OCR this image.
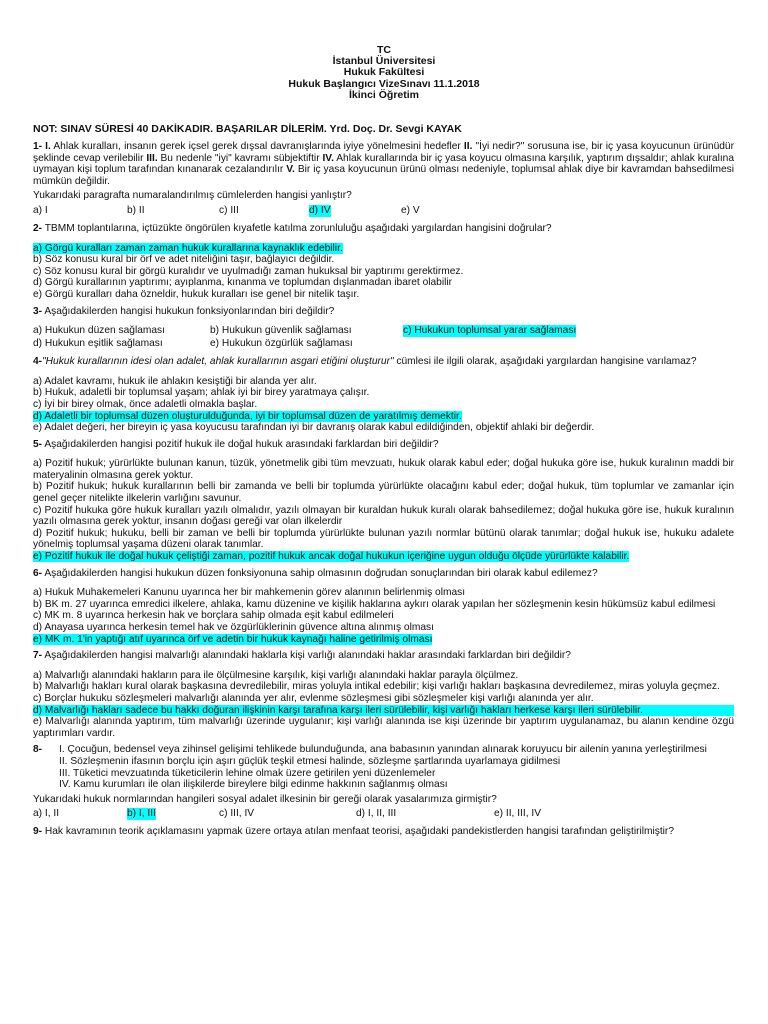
TC
İstanbul Üniversitesi
Hukuk Fakültesi
Hukuk Başlangıcı VizeSınavı 11.1.2018
İkinci Öğretim
NOT: SINAV SÜRESİ 40 DAKİKADIR. BAŞARILAR DİLERİM. Yrd. Doç. Dr. Sevgi KAYAK
1- I. Ahlak kuralları, insanın gerek içsel gerek dışsal davranışlarında iyiye yönelmesini hedefler II. "İyi nedir?" sorusuna ise, bir iç yasa koyucunun ürünüdür şeklinde cevap verilebilir III. Bu nedenle "iyi" kavramı sübjektiftir IV. Ahlak kurallarında bir iç yasa koyucu olmasına karşılık, yaptırım dışsaldır; ahlak kuralına uymayan kişi toplum tarafından kınanarak cezalandırılır V. Bir iç yasa koyucunun ürünü olması nedeniyle, toplumsal ahlak diye bir kavramdan bahsedilmesi mümkün değildir.
Yukarıdaki paragrafta numaralandırılmış cümlelerden hangisi yanlıştır?
a) I	b) II	c) III	d) IV	e) V
2- TBMM toplantılarına, içtüzükte öngörülen kıyafetle katılma zorunluluğu aşağıdaki yargılardan hangisini doğrular?
a) Görgü kuralları zaman zaman hukuk kurallarına kaynaklık edebilir.
b) Söz konusu kural bir örf ve adet niteliğini taşır, bağlayıcı değildir.
c) Söz konusu kural bir görgü kuralıdır ve uyulmadığı zaman hukuksal bir yaptırımı gerektirmez.
d) Görgü kurallarının yaptırımı; ayıplanma, kınanma ve toplumdan dışlanmadan ibaret olabilir
e) Görgü kuralları daha özneldir, hukuk kuralları ise genel bir nitelik taşır.
3- Aşağıdakilerden hangisi hukukun fonksiyonlarından biri değildir?
a) Hukukun düzen sağlaması	b) Hukukun güvenlik sağlaması	c) Hukukun toplumsal yarar sağlaması
d) Hukukun eşitlik sağlaması	e) Hukukun özgürlük sağlaması
4-"Hukuk kurallarının idesi olan adalet, ahlak kurallarının asgari etiğini oluşturur" cümlesi ile ilgili olarak, aşağıdaki yargılardan hangisine varılamaz?
a) Adalet kavramı, hukuk ile ahlakın kesiştiği bir alanda yer alır.
b) Hukuk, adaletli bir toplumsal yaşam; ahlak iyi bir birey yaratmaya çalışır.
c) İyi bir birey olmak, önce adaletli olmakla başlar.
d) Adaletli bir toplumsal düzen oluşturulduğunda, iyi bir toplumsal düzen de yaratılmış demektir.
e) Adalet değeri, her bireyin iç yasa koyucusu tarafından iyi bir davranış olarak kabul edildiğinden, objektif ahlaki bir değerdir.
5- Aşağıdakilerden hangisi pozitif hukuk ile doğal hukuk arasındaki farklardan biri değildir?
a) Pozitif hukuk; yürürlükte bulunan kanun, tüzük, yönetmelik gibi tüm mevzuatı, hukuk olarak kabul eder; doğal hukuka göre ise, hukuk kuralının maddi bir materyalinin olmasına gerek yoktur.
b) Pozitif hukuk; hukuk kurallarının belli bir zamanda ve belli bir toplumda yürürlükte olacağını kabul eder; doğal hukuk, tüm toplumlar ve zamanlar için genel geçer nitelikte ilkelerin varlığını savunur.
c) Pozitif hukuka göre hukuk kuralları yazılı olmalıdır, yazılı olmayan bir kuraldan hukuk kuralı olarak bahsedilemez; doğal hukuka göre ise, hukuk kuralının yazılı olmasına gerek yoktur, insanın doğası gereği var olan ilkelerdir
d) Pozitif hukuk; hukuku, belli bir zaman ve belli bir toplumda yürürlükte bulunan yazılı normlar bütünü olarak tanımlar; doğal hukuk ise, hukuku adalete yönelmiş toplumsal yaşama düzeni olarak tanımlar.
e) Pozitif hukuk ile doğal hukuk çeliştiği zaman, pozitif hukuk ancak doğal hukukun içeriğine uygun olduğu ölçüde yürürlükte kalabilir.
6- Aşağıdakilerden hangisi hukukun düzen fonksiyonuna sahip olmasının doğrudan sonuçlarından biri olarak kabul edilemez?
a) Hukuk Muhakemeleri Kanunu uyarınca her bir mahkemenin görev alanının belirlenmiş olması
b) BK m. 27 uyarınca emredici ilkelere, ahlaka, kamu düzenine ve kişilik haklarına aykırı olarak yapılan her sözleşmenin kesin hükümsüz kabul edilmesi
c) MK m. 8 uyarınca herkesin hak ve borçlara sahip olmada eşit kabul edilmeleri
d) Anayasa uyarınca herkesin temel hak ve özgürlüklerinin güvence altına alınmış olması
e) MK m. 1'in yaptığı atıf uyarınca örf ve adetin bir hukuk kaynağı haline getirilmiş olması
7- Aşağıdakilerden hangisi malvarlığı alanındaki haklarla kişi varlığı alanındaki haklar arasındaki farklardan biri değildir?
a) Malvarlığı alanındaki hakların para ile ölçülmesine karşılık, kişi varlığı alanındaki haklar parayla ölçülmez.
b) Malvarlığı hakları kural olarak başkasına devredilebilir, miras yoluyla intikal edebilir; kişi varlığı hakları başkasına devredilemez, miras yoluyla geçmez.
c) Borçlar hukuku sözleşmeleri malvarlığı alanında yer alır, evlenme sözleşmesi gibi sözleşmeler kişi varlığı alanında yer alır.
d) Malvarlığı hakları sadece bu hakkı doğuran ilişkinin karşı tarafına karşı ileri sürülebilir, kişi varlığı hakları herkese karşı ileri sürülebilir.
e) Malvarlığı alanında yaptırım, tüm malvarlığı üzerinde uygulanır; kişi varlığı alanında ise kişi üzerinde bir yaptırım uygulanamaz, bu alanın kendine özgü yaptırımları vardır.
8-	I. Çocuğun, bedensel veya zihinsel gelişimi tehlikede bulunduğunda, ana babasının yanından alınarak koruyucu bir ailenin yanına yerleştirilmesi
II. Sözleşmenin ifasının borçlu için aşırı güçlük teşkil etmesi halinde, sözleşme şartlarında uyarlamaya gidilmesi
III. Tüketici mevzuatında tüketicilerin lehine olmak üzere getirilen yeni düzenlemeler
IV. Kamu kurumları ile olan ilişkilerde bireylere bilgi edinme hakkının sağlanmış olması
Yukarıdaki hukuk normlarından hangileri sosyal adalet ilkesinin bir gereği olarak yasalarımıza girmiştir?
a) I, II	b) I, III	c) III, IV	d) I, II, III	e) II, III, IV
9- Hak kavramının teorik açıklamasını yapmak üzere ortaya atılan menfaat teorisi, aşağıdaki pandekistlerden hangisi tarafından geliştirilmiştir?
